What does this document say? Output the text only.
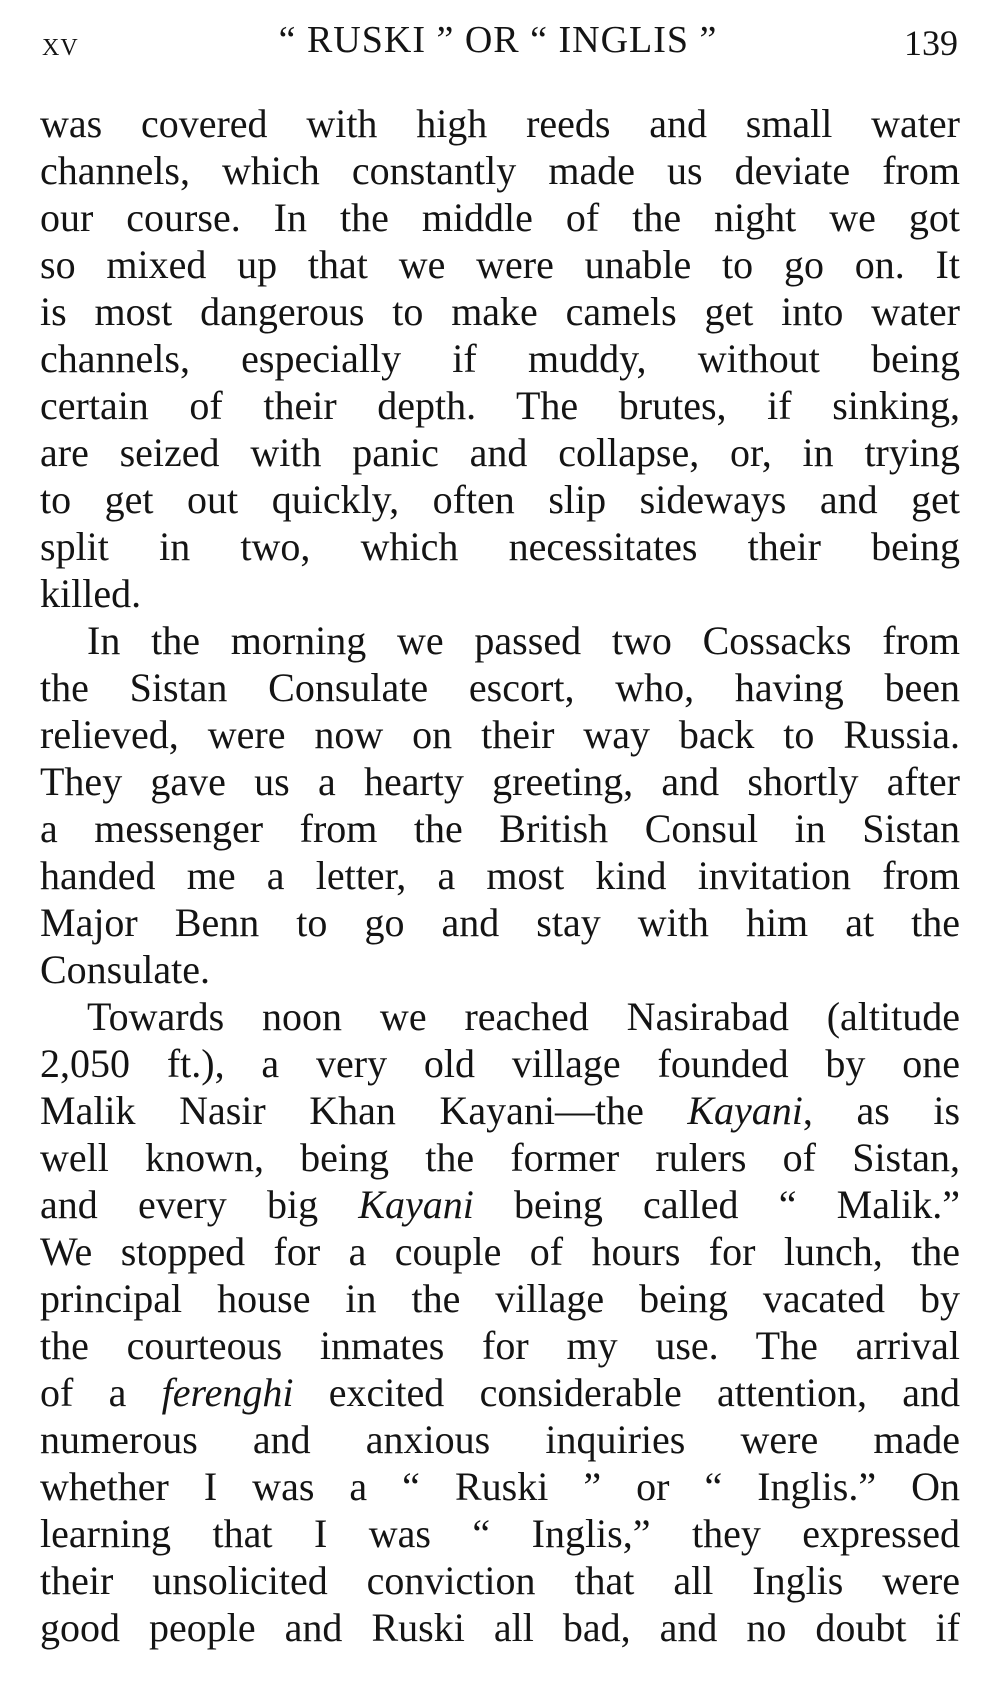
xv	“ RUSKI ” OR “ INGLIS ”	139
was covered with high reeds and small water
channels, which constantly made us deviate from
our course. In the middle of the night we got
so mixed up that we were unable to go on. It
is most dangerous to make camels get into water
channels, especially if muddy, without being
certain of their depth. The brutes, if sinking,
are seized with panic and collapse, or, in trying
to get out quickly, often slip sideways and get
split in two, which necessitates their being
killed.
In the morning we passed two Cossacks from
the Sistan Consulate escort, who, having been
relieved, were now on their way back to Russia.
They gave us a hearty greeting, and shortly after
a messenger from the British Consul in Sistan
handed me a letter, a most kind invitation from
Major Benn to go and stay with him at the
Consulate.
Towards noon we reached Nasirabad (altitude
2,050 ft.), a very old village founded by one
Malik Nasir Khan Kayani—the Kayani, as is
well known, being the former rulers of Sistan,
and every big Kayani being called “ Malik.”
We stopped for a couple of hours for lunch, the
principal house in the village being vacated by
the courteous inmates for my use. The arrival
of a ferenghi excited considerable attention, and
numerous and anxious inquiries were made
whether I was a “ Ruski ” or “ Inglis.” On
learning that I was “ Inglis,” they expressed
their unsolicited conviction that all Inglis were
good people and Ruski all bad, and no doubt if
